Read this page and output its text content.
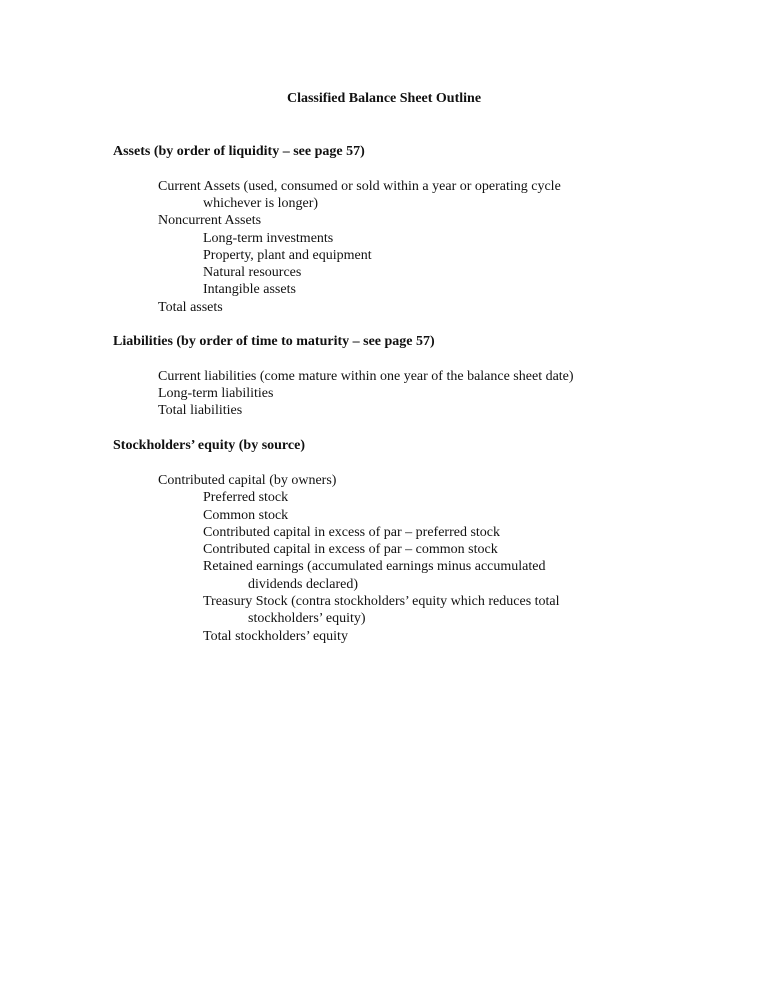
Classified Balance Sheet Outline
Assets (by order of liquidity – see page 57)
Current Assets (used, consumed or sold within a year or operating cycle
whichever is longer)
Noncurrent Assets
Long-term investments
Property, plant and equipment
Natural resources
Intangible assets
Total assets
Liabilities (by order of time to maturity – see page 57)
Current liabilities (come mature within one year of the balance sheet date)
Long-term liabilities
Total liabilities
Stockholders’ equity (by source)
Contributed capital (by owners)
Preferred stock
Common stock
Contributed capital in excess of par – preferred stock
Contributed capital in excess of par – common stock
Retained earnings (accumulated earnings minus accumulated
dividends declared)
Treasury Stock (contra stockholders’ equity which reduces total
stockholders’ equity)
Total stockholders’ equity
